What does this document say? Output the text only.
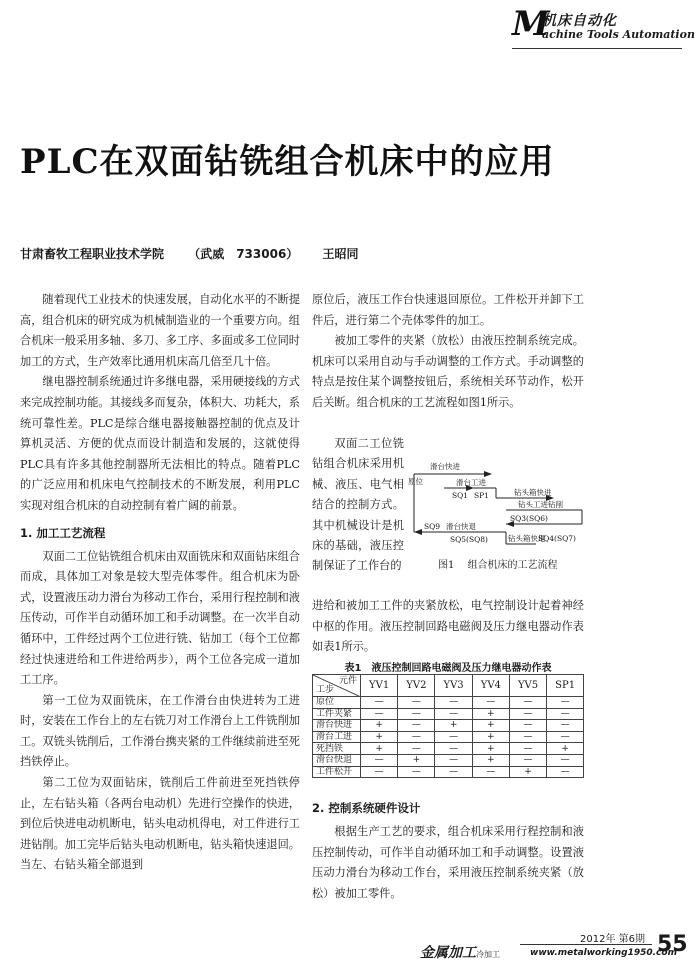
M
机床自动化
achine Tools Automation
PLC在双面钻铣组合机床中的应用
甘肃畜牧工程职业技术学院 （武威　733006） 王昭同

随着现代工业技术的快速发展，自动化水平的不断提高，组合机床的研究成为机械制造业的一个重要方向。组合机床一般采用多轴、多刀、多工序、多面或多工位同时加工的方式，生产效率比通用机床高几倍至几十倍。

继电器控制系统通过许多继电器，采用硬接线的方式来完成控制功能。其接线多而复杂，体积大、功耗大，系统可靠性差。PLC是综合继电器接触器控制的优点及计算机灵活、方便的优点而设计制造和发展的，这就使得PLC具有许多其他控制器所无法相比的特点。随着PLC的广泛应用和机床电气控制技术的不断发展，利用PLC实现对组合机床的自动控制有着广阔的前景。

1. 加工工艺流程

双面二工位钻铣组合机床由双面铣床和双面钻床组合而成，具体加工对象是较大型壳体零件。组合机床为卧式，设置液压动力滑台为移动工作台，采用行程控制和液压传动，可作半自动循环加工和手动调整。在一次半自动循环中，工件经过两个工位进行铣、钻加工（每个工位都经过快速进给和工件进给两步），两个工位各完成一道加工工序。

第一工位为双面铣床，在工作滑台由快进转为工进时，安装在工作台上的左右铣刀对工作滑台上工件铣削加工。双铣头铣削后，工作滑台携夹紧的工件继续前进至死挡铁停止。

第二工位为双面钻床，铣削后工件前进至死挡铁停止，左右钻头箱（各两台电动机）先进行空操作的快进，到位后快进电动机断电，钻头电动机得电，对工件进行工进钻削。加工完毕后钻头电动机断电，钻头箱快速退回。当左、右钻头箱全部退到

原位后，液压工作台快速退回原位。工件松开并卸下工件后，进行第二个壳体零件的加工。

被加工零件的夹紧（放松）由液压控制系统完成。机床可以采用自动与手动调整的工作方式。手动调整的特点是按住某个调整按钮后，系统相关环节动作，松开后关断。组合机床的工艺流程如图1所示。

双面二工位铣钻组合机床采用机械、液压、电气相结合的控制方式。其中机械设计是机床的基础，液压控制保证了工作台的

原位
滑台快进
滑台工进
SQ1 SP1	钻头箱快进
钻头工进钻削
SQ3(SQ6)
SQ9 滑台快退
SQ5(SQ8)	钻头箱快退
SQ4(SQ7)
图1 组合机床的工艺流程

进给和被加工工件的夹紧放松，电气控制设计起着神经中枢的作用。液压控制回路电磁阀及压力继电器动作表如表1所示。

表1　液压控制回路电磁阀及压力继电器动作表
元件
工步	YV1	YV2	YV3	YV4	YV5	SP1
原位	—	—	—	—	—	—
工件夹紧	—	—	—	+	—	—
滑台快进	+	—	+	+	—	—
滑台工进	+	—	—	+	—	—
死挡铁	+	—	—	+	—	+
滑台快退	—	+	—	+	—	—
工件松开	—	—	—	—	+	—
2. 控制系统硬件设计

根据生产工艺的要求，组合机床采用行程控制和液压控制传动，可作半自动循环加工和手动调整。设置液压动力滑台为移动工作台，采用液压控制系统夹紧（放松）被加工零件。

金属加工冷加工
2012年 第6期
www.metalworking1950.com
55
